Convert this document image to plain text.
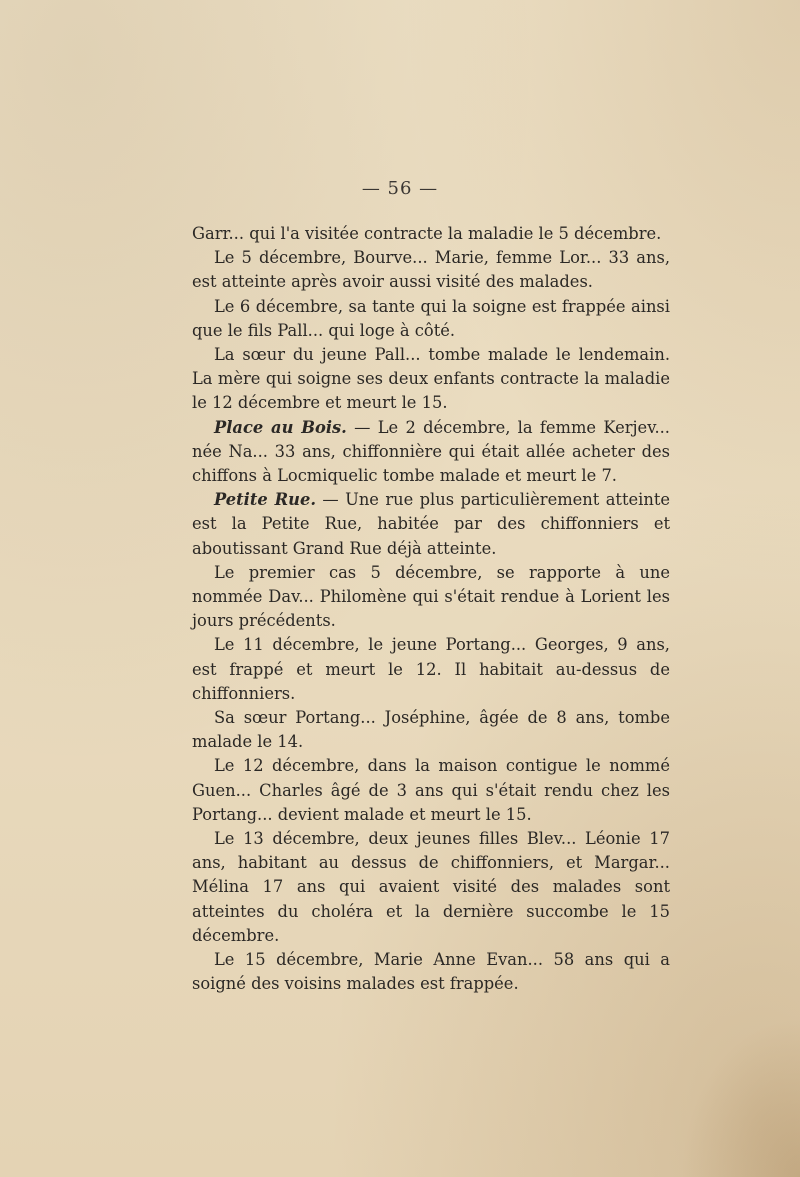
— 56 —

Garr... qui l'a visitée contracte la maladie le 5 décembre.

Le 5 décembre, Bourve... Marie, femme Lor... 33 ans, est atteinte après avoir aussi visité des malades.

Le 6 décembre, sa tante qui la soigne est frappée ainsi que le fils Pall... qui loge à côté.

La sœur du jeune Pall... tombe malade le lendemain. La mère qui soigne ses deux enfants contracte la maladie le 12 décembre et meurt le 15.

Place au Bois. — Le 2 décembre, la femme Kerjev... née Na... 33 ans, chiffonnière qui était allée acheter des chiffons à Locmiquelic tombe malade et meurt le 7.

Petite Rue. — Une rue plus particulièrement atteinte est la Petite Rue, habitée par des chiffonniers et aboutissant Grand Rue déjà atteinte.

Le premier cas 5 décembre, se rapporte à une nommée Dav... Philomène qui s'était rendue à Lorient les jours précédents.

Le 11 décembre, le jeune Portang... Georges, 9 ans, est frappé et meurt le 12. Il habitait au-dessus de chiffonniers.

Sa sœur Portang... Joséphine, âgée de 8 ans, tombe malade le 14.

Le 12 décembre, dans la maison contigue le nommé Guen... Charles âgé de 3 ans qui s'était rendu chez les Portang... devient malade et meurt le 15.

Le 13 décembre, deux jeunes filles Blev... Léonie 17 ans, habitant au dessus de chiffonniers, et Margar... Mélina 17 ans qui avaient visité des malades sont atteintes du choléra et la dernière succombe le 15 décembre.

Le 15 décembre, Marie Anne Evan... 58 ans qui a soigné des voisins malades est frappée.
